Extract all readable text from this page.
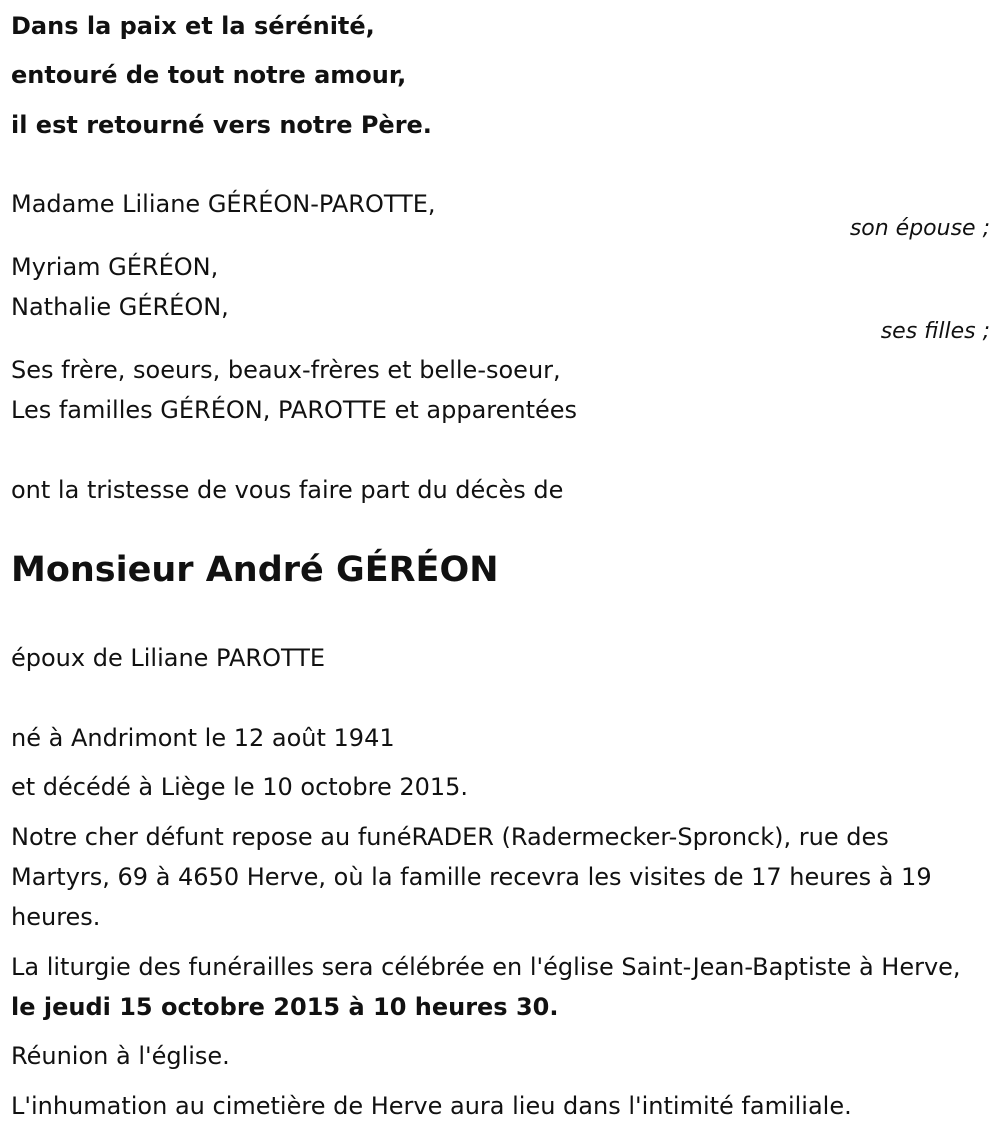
Dans la paix et la sérénité,
entouré de tout notre amour,
il est retourné vers notre Père.
Madame Liliane GÉRÉON-PAROTTE,
son épouse ;
Myriam GÉRÉON,
Nathalie GÉRÉON,
ses filles ;
Ses frère, soeurs, beaux-frères et belle-soeur,
Les familles GÉRÉON, PAROTTE et apparentées
ont la tristesse de vous faire part du décès de
Monsieur André GÉRÉON
époux de Liliane PAROTTE
né à Andrimont le 12 août 1941
et décédé à Liège le 10 octobre 2015.
Notre cher défunt repose au funéRADER (Radermecker-Spronck), rue des Martyrs, 69 à 4650 Herve, où la famille recevra les visites de 17 heures à 19 heures.
La liturgie des funérailles sera célébrée en l'église Saint-Jean-Baptiste à Herve, le jeudi 15 octobre 2015 à 10 heures 30.
Réunion à l'église.
L'inhumation au cimetière de Herve aura lieu dans l'intimité familiale.
